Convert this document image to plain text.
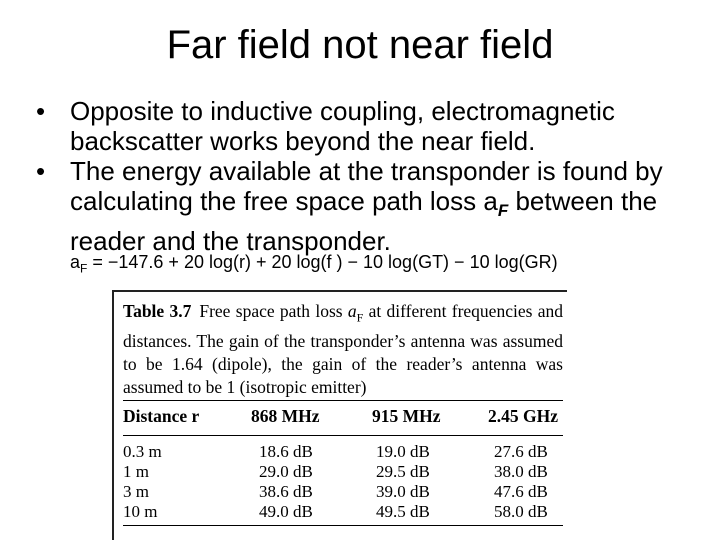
Far field not near field
• Opposite to inductive coupling, electromagnetic backscatter works beyond the near field.
• The energy available at the transponder is found by calculating the free space path loss $a_F$ between the reader and the transponder.
$a_F = -147.6 + 20$ log(r) + 20 log(f ) − 10 log(GT) − 10 log(GR)
Table 3.7 Free space path loss $a_F$ at different frequencies and distances. The gain of the transponder’s antenna was assumed to be 1.64 (dipole), the gain of the reader’s antenna was assumed to be 1 (isotropic emitter)
Distance r	868 MHz	915 MHz	2.45 GHz
0.3 m	18.6 dB	19.0 dB	27.6 dB
1 m	29.0 dB	29.5 dB	38.0 dB
3 m	38.6 dB	39.0 dB	47.6 dB
10 m	49.0 dB	49.5 dB	58.0 dB
